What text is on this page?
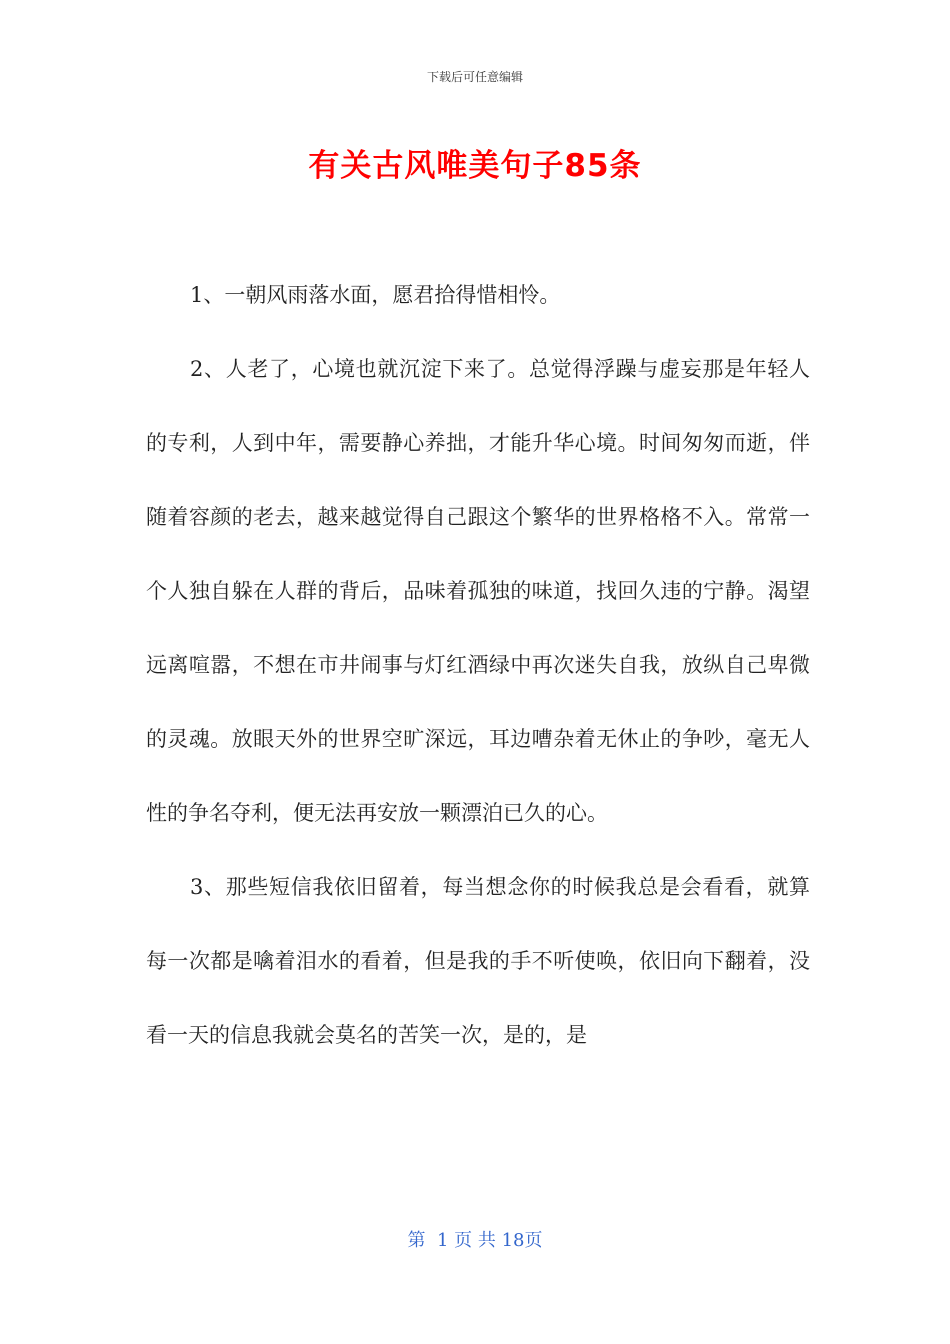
下载后可任意编辑
有关古风唯美句子85条

1、一朝风雨落水面，愿君拾得惜相怜。

2、人老了，心境也就沉淀下来了。总觉得浮躁与虚妄那是年轻人的专利，人到中年，需要静心养拙，才能升华心境。时间匆匆而逝，伴随着容颜的老去，越来越觉得自己跟这个繁华的世界格格不入。常常一个人独自躲在人群的背后，品味着孤独的味道，找回久违的宁静。渴望远离喧嚣，不想在市井闹事与灯红酒绿中再次迷失自我，放纵自己卑微的灵魂。放眼天外的世界空旷深远，耳边嘈杂着无休止的争吵，毫无人性的争名夺利，便无法再安放一颗漂泊已久的心。

3、那些短信我依旧留着，每当想念你的时候我总是会看看，就算每一次都是噙着泪水的看着，但是我的手不听使唤，依旧向下翻着，没看一天的信息我就会莫名的苦笑一次，是的，是

第  1 页 共 18页
